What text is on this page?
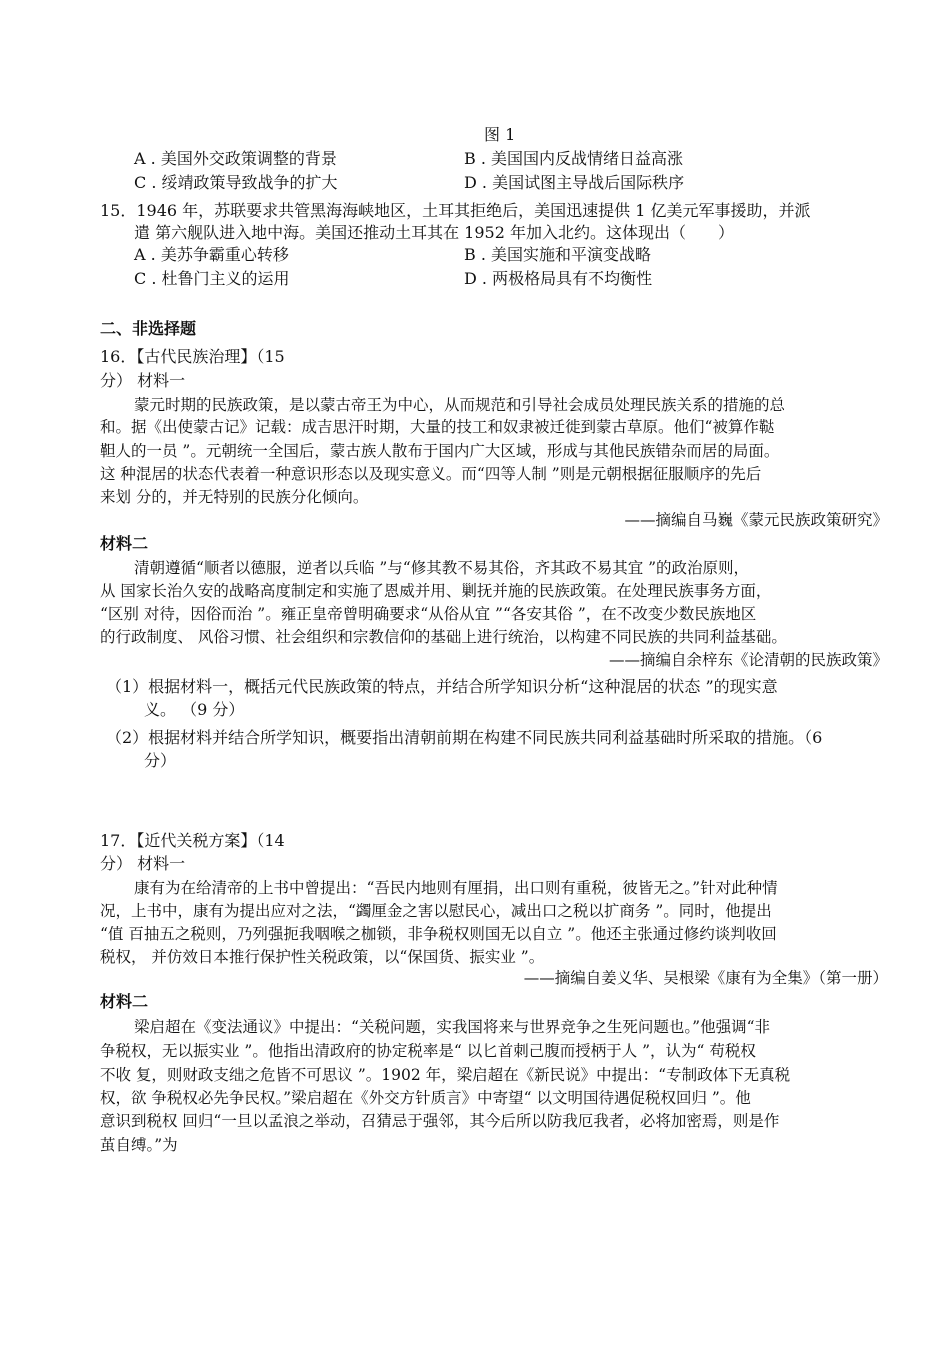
图 1
A . 美国外交政策调整的背景	B . 美国国内反战情绪日益高涨
C . 绥靖政策导致战争的扩大	D . 美国试图主导战后国际秩序
15．1946 年，苏联要求共管黑海海峡地区，土耳其拒绝后，美国迅速提供 1 亿美元军事援助，并派
遣 第六舰队进入地中海。美国还推动土耳其在 1952 年加入北约。这体现出（　　）
A . 美苏争霸重心转移	B . 美国实施和平演变战略
C . 杜鲁门主义的运用	D . 两极格局具有不均衡性
二、非选择题
16．【古代民族治理】（15
分） 材料一
蒙元时期的民族政策，是以蒙古帝王为中心，从而规范和引导社会成员处理民族关系的措施的总
和。据《出使蒙古记》记载：成吉思汗时期，大量的技工和奴隶被迁徙到蒙古草原。他们“被算作鞑
靼人的一员 ”。元朝统一全国后，蒙古族人散布于国内广大区域，形成与其他民族错杂而居的局面。
这 种混居的状态代表着一种意识形态以及现实意义。而“四等人制 ”则是元朝根据征服顺序的先后
来划 分的，并无特别的民族分化倾向。
——摘编自马巍《蒙元民族政策研究》
材料二
清朝遵循“顺者以德服，逆者以兵临 ”与“修其教不易其俗，齐其政不易其宜 ”的政治原则，
从 国家长治久安的战略高度制定和实施了恩威并用、剿抚并施的民族政策。在处理民族事务方面，
“区别 对待，因俗而治 ”。雍正皇帝曾明确要求“从俗从宜 ”“各安其俗 ”，在不改变少数民族地区
的行政制度、 风俗习惯、社会组织和宗教信仰的基础上进行统治，以构建不同民族的共同利益基础。
——摘编自余梓东《论清朝的民族政策》
（1）根据材料一，概括元代民族政策的特点，并结合所学知识分析“这种混居的状态 ”的现实意
义。 （9 分）
（2）根据材料并结合所学知识，概要指出清朝前期在构建不同民族共同利益基础时所采取的措施。（6
分）
17．【近代关税方案】（14
分） 材料一
康有为在给清帝的上书中曾提出：“吾民内地则有厘捐，出口则有重税，彼皆无之。”针对此种情
况，上书中，康有为提出应对之法，“蠲厘金之害以慰民心，减出口之税以扩商务 ”。同时，他提出
“值 百抽五之税则，乃列强扼我咽喉之枷锁，非争税权则国无以自立 ”。他还主张通过修约谈判收回
税权， 并仿效日本推行保护性关税政策，以“保国货、振实业 ”。
——摘编自姜义华、吴根梁《康有为全集》（第一册）
材料二
梁启超在《变法通议》中提出：“关税问题，实我国将来与世界竞争之生死问题也。”他强调“非
争税权，无以振实业 ”。他指出清政府的协定税率是“ 以匕首刺己腹而授柄于人 ”，认为“ 苟税权
不收 复，则财政支绌之危皆不可思议 ”。1902 年，梁启超在《新民说》中提出：“专制政体下无真税
权，欲 争税权必先争民权。”梁启超在《外交方针质言》中寄望“ 以文明国待遇促税权回归 ”。他
意识到税权 回归“一旦以孟浪之举动，召猜忌于强邻，其今后所以防我厄我者，必将加密焉，则是作
茧自缚。”为
